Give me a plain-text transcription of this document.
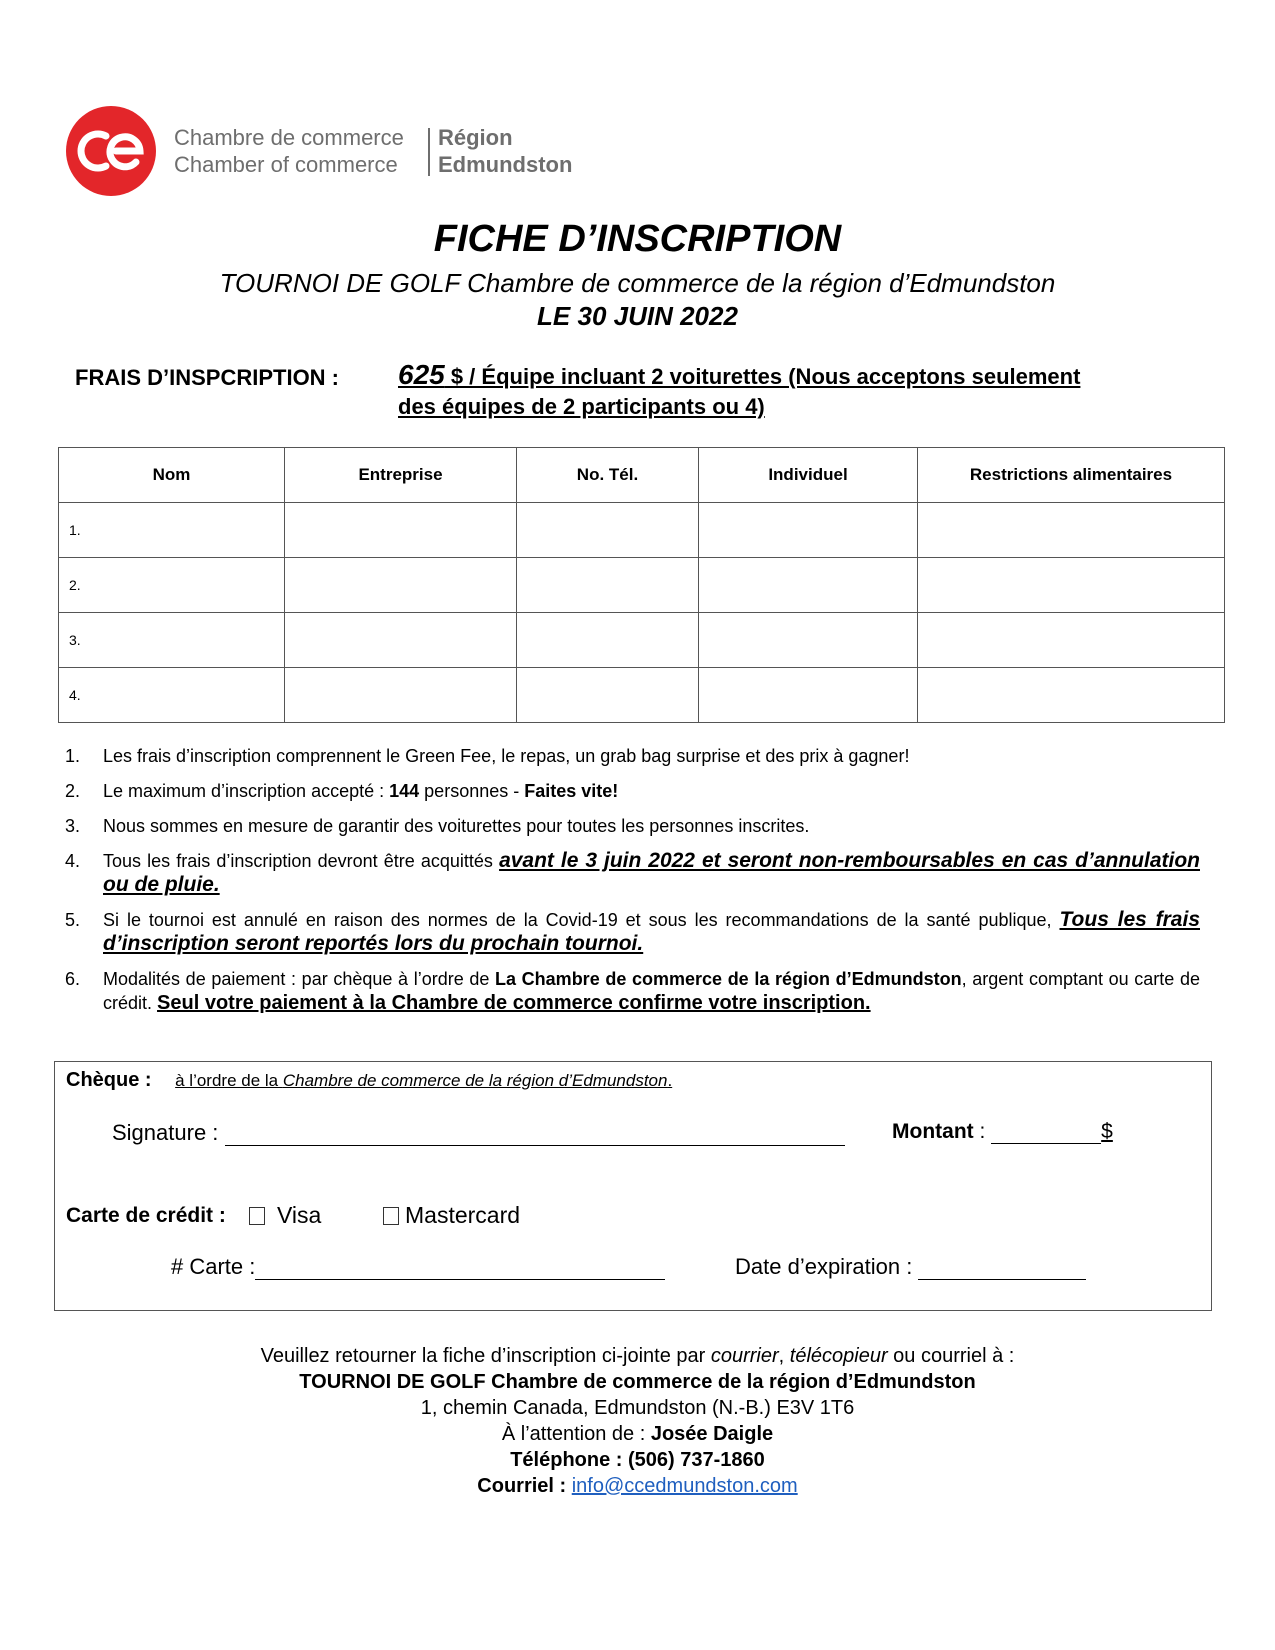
Chambre de commerce
Chamber of commerce
Région
Edmundston
FICHE D’INSCRIPTION
TOURNOI DE GOLF Chambre de commerce de la région d’Edmundston
LE 30 JUIN 2022
FRAIS D’INSPCRIPTION : 625 $ / Équipe incluant 2 voiturettes (Nous acceptons seulement
des équipes de 2 participants ou 4)
Nom	Entreprise	No. Tél.	Individuel	Restrictions alimentaires
1.				
2.				
3.				
4.				
1. Les frais d’inscription comprennent le Green Fee, le repas, un grab bag surprise et des prix à gagner!
2. Le maximum d’inscription accepté : 144 personnes - Faites vite!
3. Nous sommes en mesure de garantir des voiturettes pour toutes les personnes inscrites.
4. Tous les frais d’inscription devront être acquittés avant le 3 juin 2022 et seront non-remboursables en cas d’annulation ou de pluie.
5. Si le tournoi est annulé en raison des normes de la Covid-19 et sous les recommandations de la santé publique, Tous les frais d’inscription seront reportés lors du prochain tournoi.
6. Modalités de paiement : par chèque à l’ordre de La Chambre de commerce de la région d’Edmundston, argent comptant ou carte de crédit. Seul votre paiement à la Chambre de commerce confirme votre inscription.
Chèque : à l’ordre de la Chambre de commerce de la région d’Edmundston.
Signature :	Montant :	$
Carte de crédit :	Visa	Mastercard
# Carte :	Date d’expiration :
Veuillez retourner la fiche d’inscription ci-jointe par courrier, télécopieur ou courriel à :
TOURNOI DE GOLF Chambre de commerce de la région d’Edmundston
1, chemin Canada, Edmundston (N.-B.) E3V 1T6
À l’attention de : Josée Daigle
Téléphone : (506) 737-1860
Courriel : info@ccedmundston.com
